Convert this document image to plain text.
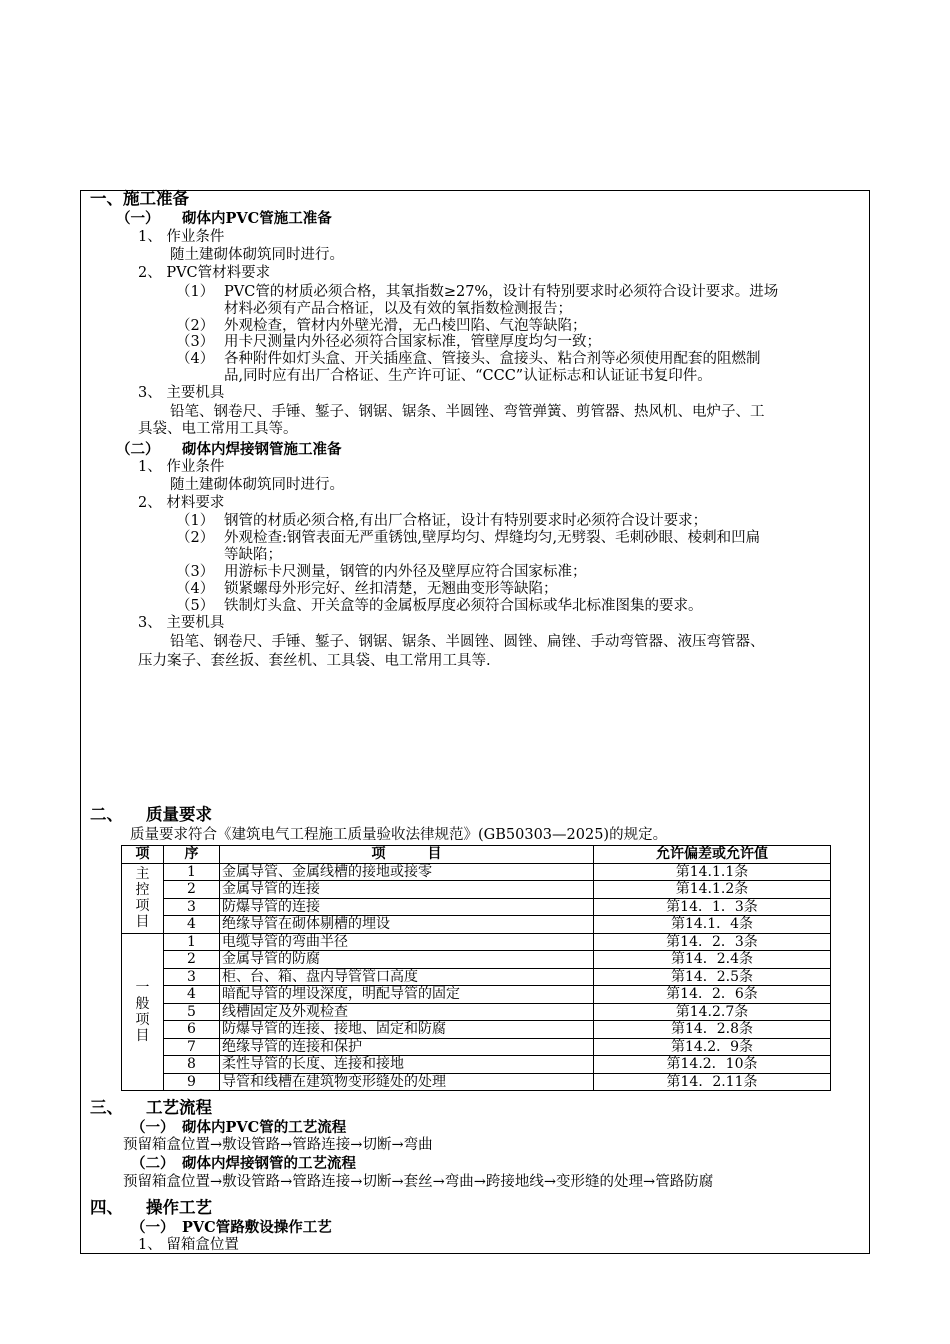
一、施工准备
（一） 砌体内PVC管施工准备
1、 作业条件
随土建砌体砌筑同时进行。
2、 PVC管材料要求
（1） PVC管的材质必须合格，其氧指数≥27%，设计有特别要求时必须符合设计要求。进场
材料必须有产品合格证，以及有效的氧指数检测报告；
（2） 外观检查，管材内外壁光滑，无凸棱凹陷、气泡等缺陷；
（3） 用卡尺测量内外径必须符合国家标准，管壁厚度均匀一致；
（4） 各种附件如灯头盒、开关插座盒、管接头、盒接头、粘合剂等必须使用配套的阻燃制
品,同时应有出厂合格证、生产许可证、“CCC”认证标志和认证证书复印件。
3、 主要机具
铅笔、钢卷尺、手锤、錾子、钢锯、锯条、半圆锉、弯管弹簧、剪管器、热风机、电炉子、工
具袋、电工常用工具等。
（二） 砌体内焊接钢管施工准备
1、 作业条件
随土建砌体砌筑同时进行。
2、 材料要求
（1） 钢管的材质必须合格,有出厂合格证，设计有特别要求时必须符合设计要求；
（2） 外观检查:钢管表面无严重锈蚀,壁厚均匀、焊缝均匀,无劈裂、毛刺砂眼、棱刺和凹扁
等缺陷；
（3） 用游标卡尺测量，钢管的内外径及壁厚应符合国家标准；
（4） 锁紧螺母外形完好、丝扣清楚，无翘曲变形等缺陷；
（5） 铁制灯头盒、开关盒等的金属板厚度必须符合国标或华北标准图集的要求。
3、 主要机具
铅笔、钢卷尺、手锤、錾子、钢锯、锯条、半圆锉、圆锉、扁锉、手动弯管器、液压弯管器、
压力案子、套丝扳、套丝机、工具袋、电工常用工具等.
二、 质量要求
质量要求符合《建筑电气工程施工质量验收法律规范》(GB50303—2025)的规定。
项	序	项　　　目	允许偏差或允许值

主
控
项
目	1	金属导管、金属线槽的接地或接零	第14.1.1条
	2	金属导管的连接	第14.1.2条
	3	防爆导管的连接	第14．1．3条
	4	绝缘导管在砌体剔槽的埋设	第14.1．4条

一
般
项
目	1	电缆导管的弯曲半径	第14．2．3条
	2	金属导管的防腐	第14．2.4条
	3	柜、台、箱、盘内导管管口高度	第14．2.5条
	4	暗配导管的埋设深度，明配导管的固定	第14．2．6条
	5	线槽固定及外观检查	第14.2.7条
	6	防爆导管的连接、接地、固定和防腐	第14．2.8条
	7	绝缘导管的连接和保护	第14.2．9条
	8	柔性导管的长度、连接和接地	第14.2．10条
	9	导管和线槽在建筑物变形缝处的处理	第14．2.11条
三、 工艺流程
（一） 砌体内PVC管的工艺流程
预留箱盒位置→敷设管路→管路连接→切断→弯曲
（二） 砌体内焊接钢管的工艺流程
预留箱盒位置→敷设管路→管路连接→切断→套丝→弯曲→跨接地线→变形缝的处理→管路防腐
四、 操作工艺
（一） PVC管路敷设操作工艺
1、 留箱盒位置
